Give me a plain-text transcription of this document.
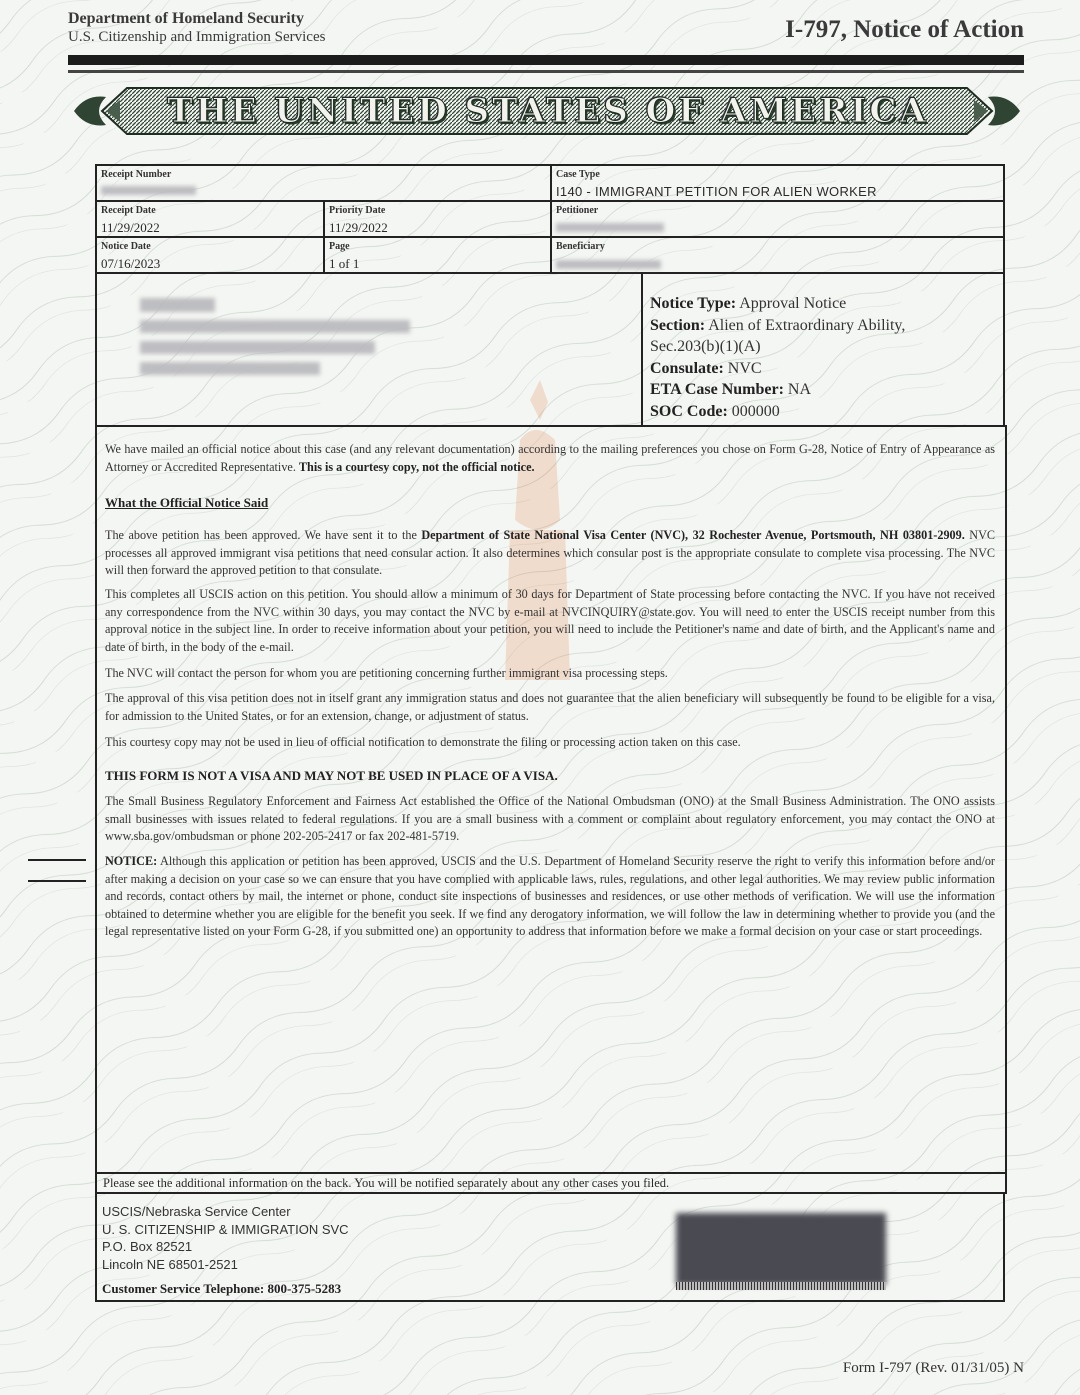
Department of Homeland Security
U.S. Citizenship and Immigration Services	I-797, Notice of Action
THE UNITED STATES OF AMERICA
Receipt Number	Case Type
I140 - IMMIGRANT PETITION FOR ALIEN WORKER
Receipt Date
11/29/2022
Priority Date
11/29/2022
Petitioner
Notice Date
07/16/2023
Page
1 of 1
Beneficiary
Notice Type: Approval Notice
Section: Alien of Extraordinary Ability,
Sec.203(b)(1)(A)
Consulate: NVC
ETA Case Number: NA
SOC Code: 000000
We have mailed an official notice about this case (and any relevant documentation) according to the mailing preferences you chose on Form G-28, Notice of Entry of Appearance as Attorney or Accredited Representative. This is a courtesy copy, not the official notice.
What the Official Notice Said
The above petition has been approved. We have sent it to the Department of State National Visa Center (NVC), 32 Rochester Avenue, Portsmouth, NH 03801-2909. NVC processes all approved immigrant visa petitions that need consular action. It also determines which consular post is the appropriate consulate to complete visa processing. The NVC will then forward the approved petition to that consulate.
This completes all USCIS action on this petition. You should allow a minimum of 30 days for Department of State processing before contacting the NVC. If you have not received any correspondence from the NVC within 30 days, you may contact the NVC by e-mail at NVCINQUIRY@state.gov. You will need to enter the USCIS receipt number from this approval notice in the subject line. In order to receive information about your petition, you will need to include the Petitioner's name and date of birth, and the Applicant's name and date of birth, in the body of the e-mail.
The NVC will contact the person for whom you are petitioning concerning further immigrant visa processing steps.
The approval of this visa petition does not in itself grant any immigration status and does not guarantee that the alien beneficiary will subsequently be found to be eligible for a visa, for admission to the United States, or for an extension, change, or adjustment of status.
This courtesy copy may not be used in lieu of official notification to demonstrate the filing or processing action taken on this case.
THIS FORM IS NOT A VISA AND MAY NOT BE USED IN PLACE OF A VISA.
The Small Business Regulatory Enforcement and Fairness Act established the Office of the National Ombudsman (ONO) at the Small Business Administration. The ONO assists small businesses with issues related to federal regulations. If you are a small business with a comment or complaint about regulatory enforcement, you may contact the ONO at www.sba.gov/ombudsman or phone 202-205-2417 or fax 202-481-5719.
NOTICE: Although this application or petition has been approved, USCIS and the U.S. Department of Homeland Security reserve the right to verify this information before and/or after making a decision on your case so we can ensure that you have complied with applicable laws, rules, regulations, and other legal authorities. We may review public information and records, contact others by mail, the internet or phone, conduct site inspections of businesses and residences, or use other methods of verification. We will use the information obtained to determine whether you are eligible for the benefit you seek. If we find any derogatory information, we will follow the law in determining whether to provide you (and the legal representative listed on your Form G-28, if you submitted one) an opportunity to address that information before we make a formal decision on your case or start proceedings.
Please see the additional information on the back. You will be notified separately about any other cases you filed.
USCIS/Nebraska Service Center
U. S. CITIZENSHIP & IMMIGRATION SVC
P.O. Box 82521
Lincoln NE 68501-2521
Customer Service Telephone: 800-375-5283
Form I-797 (Rev. 01/31/05) N
